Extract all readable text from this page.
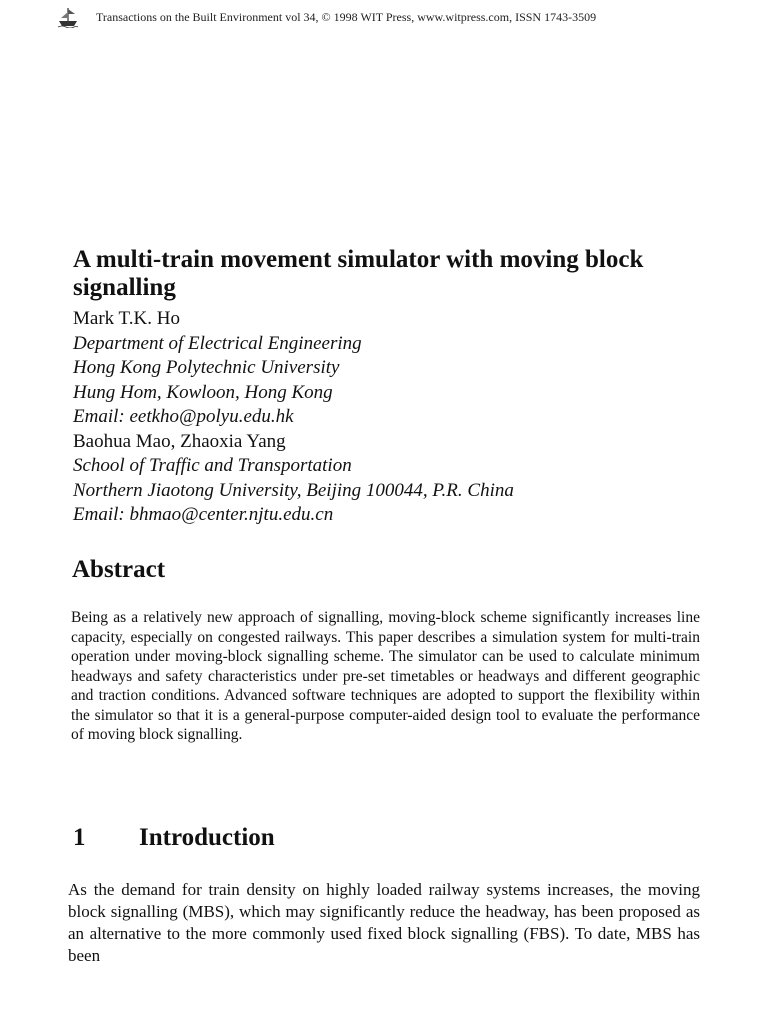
Transactions on the Built Environment vol 34, © 1998 WIT Press, www.witpress.com, ISSN 1743-3509
A multi-train movement simulator with moving block signalling
Mark T.K. Ho
Department of Electrical Engineering
Hong Kong Polytechnic University
Hung Hom, Kowloon, Hong Kong
Email: eetkho@polyu.edu.hk
Baohua Mao, Zhaoxia Yang
School of Traffic and Transportation
Northern Jiaotong University, Beijing 100044, P.R. China
Email: bhmao@center.njtu.edu.cn
Abstract
Being as a relatively new approach of signalling, moving-block scheme significantly increases line capacity, especially on congested railways. This paper describes a simulation system for multi-train operation under moving-block signalling scheme. The simulator can be used to calculate minimum headways and safety characteristics under pre-set timetables or headways and different geographic and traction conditions. Advanced software techniques are adopted to support the flexibility within the simulator so that it is a general-purpose computer-aided design tool to evaluate the performance of moving block signalling.
1	Introduction
As the demand for train density on highly loaded railway systems increases, the moving block signalling (MBS), which may significantly reduce the headway, has been proposed as an alternative to the more commonly used fixed block signalling (FBS). To date, MBS has been
